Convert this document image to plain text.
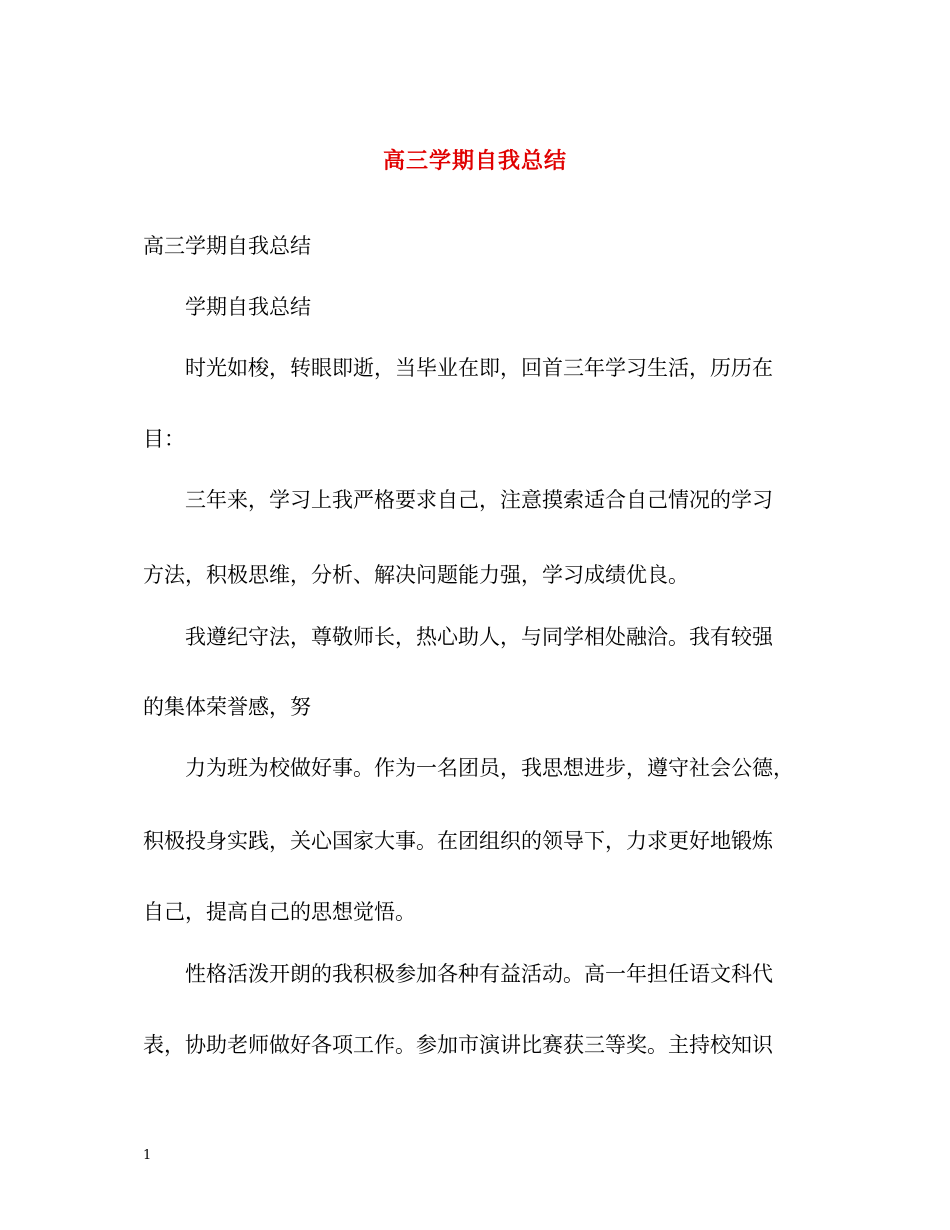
高三学期自我总结
高三学期自我总结
学期自我总结
时光如梭，转眼即逝，当毕业在即，回首三年学习生活，历历在
目：
三年来，学习上我严格要求自己，注意摸索适合自己情况的学习
方法，积极思维，分析、解决问题能力强，学习成绩优良。
我遵纪守法，尊敬师长，热心助人，与同学相处融洽。我有较强
的集体荣誉感，努
力为班为校做好事。作为一名团员，我思想进步，遵守社会公德，
积极投身实践，关心国家大事。在团组织的领导下，力求更好地锻炼
自己，提高自己的思想觉悟。
性格活泼开朗的我积极参加各种有益活动。高一年担任语文科代
表，协助老师做好各项工作。参加市演讲比赛获三等奖。主持校知识
1
